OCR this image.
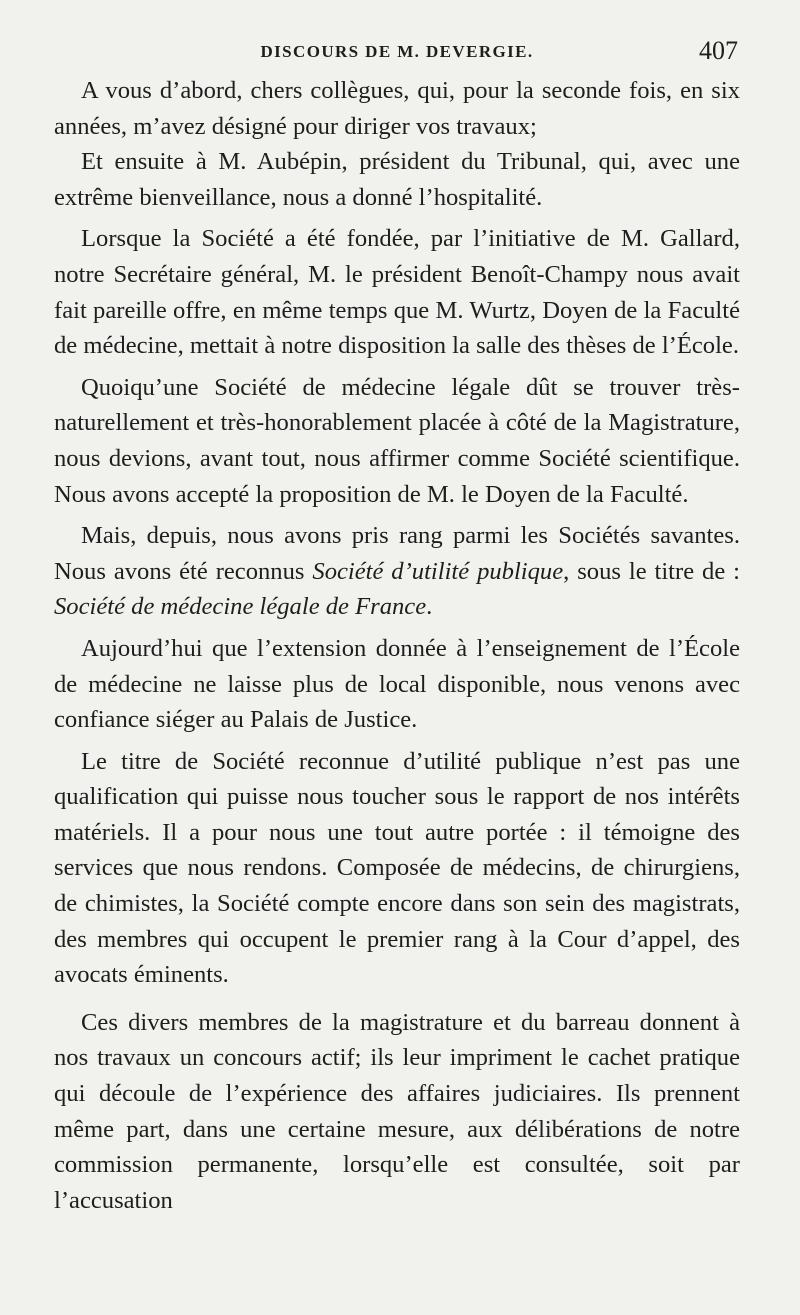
DISCOURS DE M. DEVERGIE.	407

A vous d’abord, chers collègues, qui, pour la seconde fois, en six années, m’avez désigné pour diriger vos travaux;

Et ensuite à M. Aubépin, président du Tribunal, qui, avec une extrême bienveillance, nous a donné l’hospitalité.

Lorsque la Société a été fondée, par l’initiative de M. Gallard, notre Secrétaire général, M. le président Benoît-Champy nous avait fait pareille offre, en même temps que M. Wurtz, Doyen de la Faculté de médecine, mettait à notre disposition la salle des thèses de l’École.

Quoiqu’une Société de médecine légale dût se trouver très-naturellement et très-honorablement placée à côté de la Magistrature, nous devions, avant tout, nous affirmer comme Société scientifique. Nous avons accepté la proposition de M. le Doyen de la Faculté.

Mais, depuis, nous avons pris rang parmi les Sociétés savantes. Nous avons été reconnus Société d’utilité publique, sous le titre de : Société de médecine légale de France.

Aujourd’hui que l’extension donnée à l’enseignement de l’École de médecine ne laisse plus de local disponible, nous venons avec confiance siéger au Palais de Justice.

Le titre de Société reconnue d’utilité publique n’est pas une qualification qui puisse nous toucher sous le rapport de nos intérêts matériels. Il a pour nous une tout autre portée : il témoigne des services que nous rendons. Composée de médecins, de chirurgiens, de chimistes, la Société compte encore dans son sein des magistrats, des membres qui occupent le premier rang à la Cour d’appel, des avocats éminents.

Ces divers membres de la magistrature et du barreau donnent à nos travaux un concours actif; ils leur impriment le cachet pratique qui découle de l’expérience des affaires judiciaires. Ils prennent même part, dans une certaine mesure, aux délibérations de notre commission permanente, lorsqu’elle est consultée, soit par l’accusation
